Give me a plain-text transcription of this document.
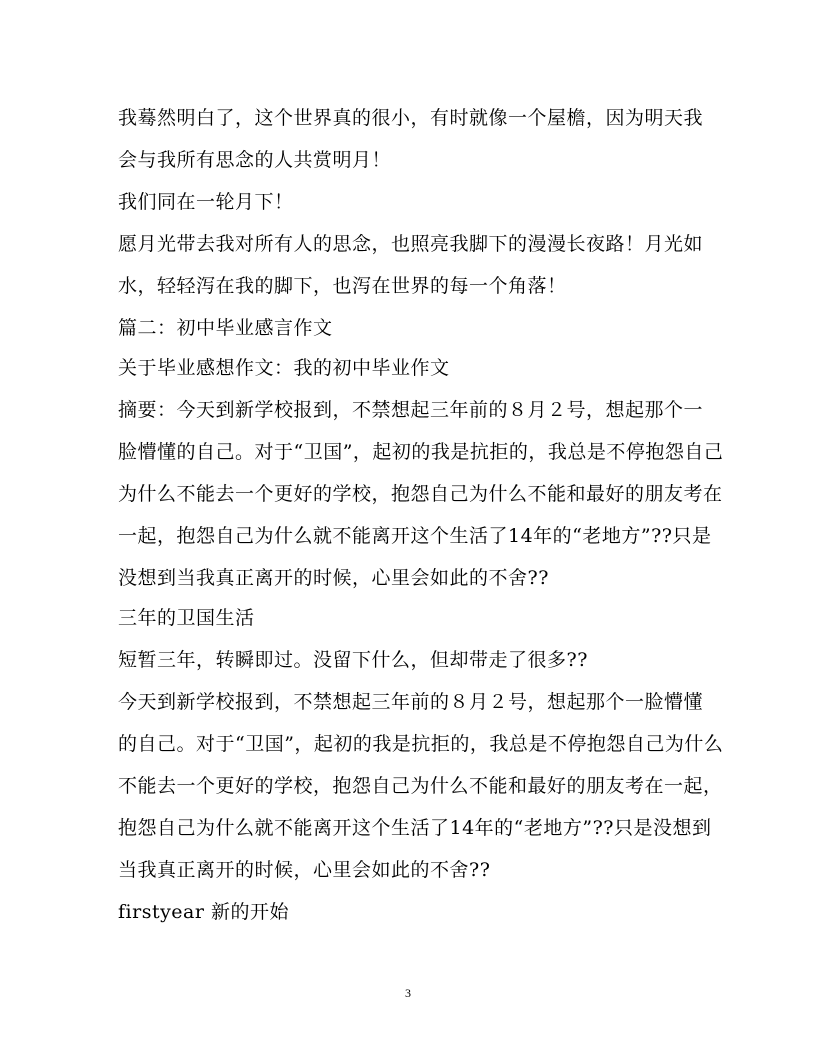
我蓦然明白了，这个世界真的很小，有时就像一个屋檐，因为明天我
会与我所有思念的人共赏明月！
我们同在一轮月下！
愿月光带去我对所有人的思念，也照亮我脚下的漫漫长夜路！月光如
水，轻轻泻在我的脚下，也泻在世界的每一个角落！
篇二：初中毕业感言作文
关于毕业感想作文：我的初中毕业作文
摘要：今天到新学校报到，不禁想起三年前的８月２号，想起那个一
脸懵懂的自己。对于“卫国”，起初的我是抗拒的，我总是不停抱怨自己
为什么不能去一个更好的学校，抱怨自己为什么不能和最好的朋友考在
一起，抱怨自己为什么就不能离开这个生活了14年的“老地方”??只是
没想到当我真正离开的时候，心里会如此的不舍??
三年的卫国生活
短暂三年，转瞬即过。没留下什么，但却带走了很多??
今天到新学校报到，不禁想起三年前的８月２号，想起那个一脸懵懂
的自己。对于“卫国”，起初的我是抗拒的，我总是不停抱怨自己为什么
不能去一个更好的学校，抱怨自己为什么不能和最好的朋友考在一起，
抱怨自己为什么就不能离开这个生活了14年的“老地方”??只是没想到
当我真正离开的时候，心里会如此的不舍??
firstyear 新的开始
3
